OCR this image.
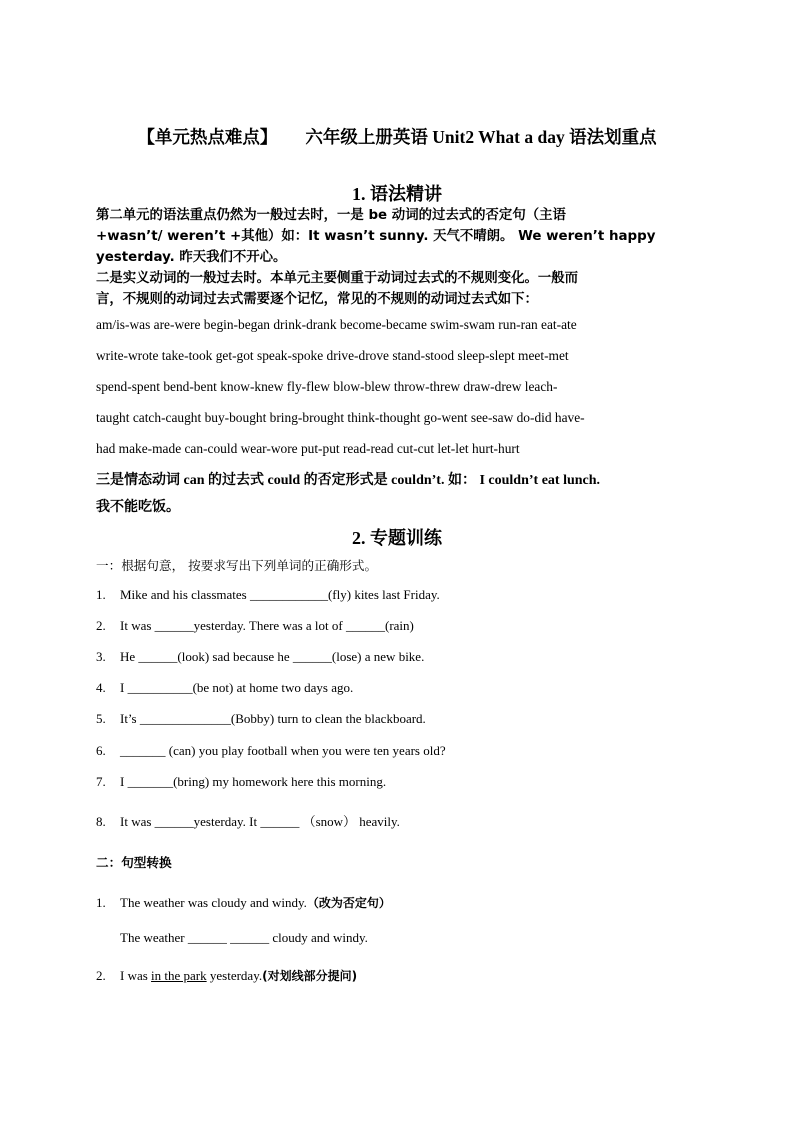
【单元热点难点】 六年级上册英语 Unit2 What a day 语法划重点
1. 语法精讲

第二单元的语法重点仍然为一般过去时，一是 be 动词的过去式的否定句（主语

+wasn’t/ weren’t +其他）如：It wasn’t sunny. 天气不晴朗。 We weren’t happy

yesterday. 昨天我们不开心。

二是实义动词的一般过去时。本单元主要侧重于动词过去式的不规则变化。一般而

言，不规则的动词过去式需要逐个记忆，常见的不规则的动词过去式如下：

am/is-was are-were begin-began drink-drank become-became swim-swam run-ran eat-ate
write-wrote take-took get-got speak-spoke drive-drove stand-stood sleep-slept meet-met
spend-spent bend-bent know-knew fly-flew blow-blew throw-threw draw-drew leach-
taught catch-caught buy-bought bring-brought think-thought go-went see-saw do-did have-
had make-made can-could wear-wore put-put read-read cut-cut let-let hurt-hurt
三是情态动词 can 的过去式 could 的否定形式是 couldn’t. 如： I couldn’t eat lunch.
我不能吃饭。
2. 专题训练
一：根据句意， 按要求写出下列单词的正确形式。
1. Mike and his classmates ____________(fly) kites last Friday.
2. It was ______yesterday. There was a lot of ______(rain)
3. He ______(look) sad because he ______(lose) a new bike.
4. I __________(be not) at home two days ago.
5. It’s ______________(Bobby) turn to clean the blackboard.
6. _______ (can) you play football when you were ten years old?
7. I _______(bring) my homework here this morning.
8. It was ______yesterday. It ______ （snow） heavily.
二：句型转换
1. The weather was cloudy and windy.（改为否定句）
The weather ______ ______ cloudy and windy.
2. I was in the park yesterday.(对划线部分提问)
